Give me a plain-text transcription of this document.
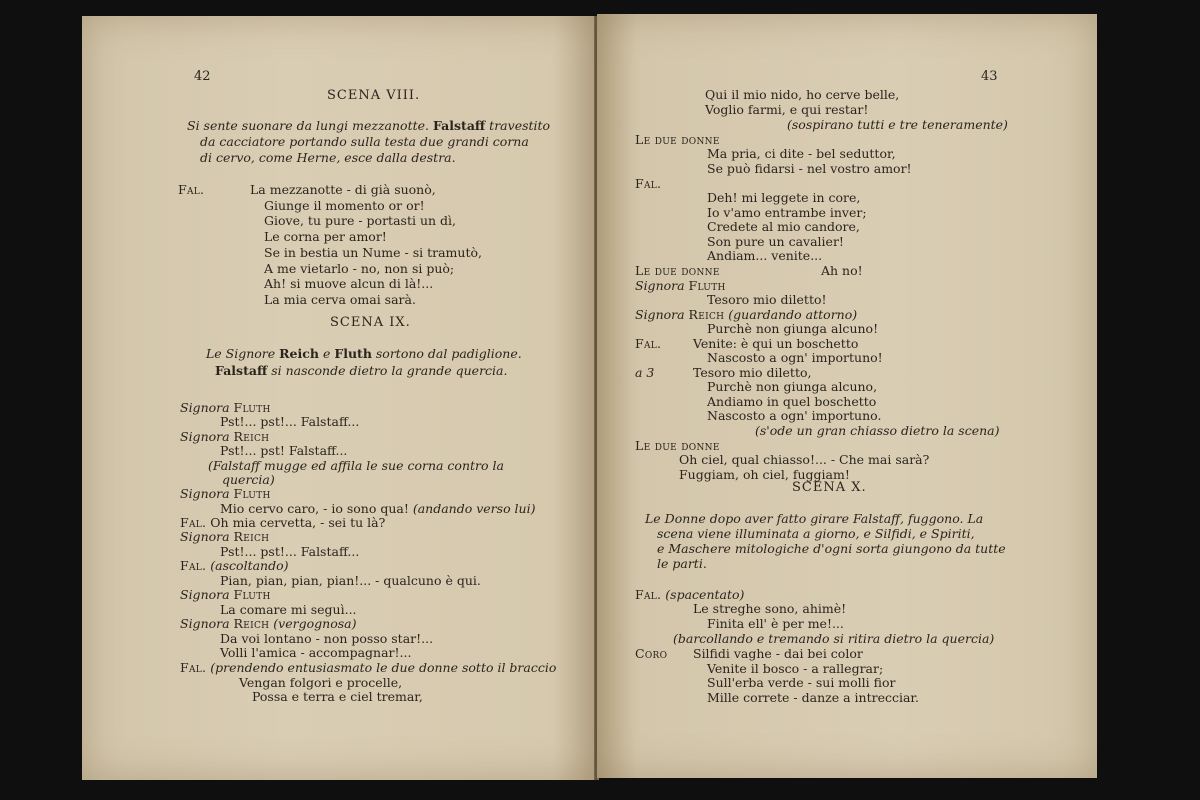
42
SCENA VIII.
Si sente suonare da lungi mezzanotte. Falstaff travestito
da cacciatore portando sulla testa due grandi corna
di cervo, come Herne, esce dalla destra.
Fal.	La mezzanotte - di già suonò,
Giunge il momento or or!
Giove, tu pure - portasti un dì,
Le corna per amor!
Se in bestia un Nume - si tramutò,
A me vietarlo - no, non si può;
Ah! si muove alcun di là!...
La mia cerva omai sarà.
SCENA IX.
Le Signore Reich e Fluth sortono dal padiglione.
Falstaff si nasconde dietro la grande quercia.
Signora Fluth
Pst!... pst!... Falstaff...
Signora Reich
Pst!... pst! Falstaff...
(Falstaff mugge ed affila le sue corna contro la
quercia)
Signora Fluth
Mio cervo caro, - io sono qua! (andando verso lui)
Fal. Oh mia cervetta, - sei tu là?
Signora Reich
Pst!... pst!... Falstaff...
Fal. (ascoltando)
Pian, pian, pian, pian!... - qualcuno è qui.
Signora Fluth
La comare mi seguì...
Signora Reich (vergognosa)
Da voi lontano - non posso star!...
Volli l'amica - accompagnar!...
Fal. (prendendo entusiasmato le due donne sotto il braccio
Vengan folgori e procelle,
Possa e terra e ciel tremar,
43
Qui il mio nido, ho cerve belle,
Voglio farmi, e qui restar!
(sospirano tutti e tre teneramente)
Le due donne
Ma pria, ci dite - bel seduttor,
Se può fidarsi - nel vostro amor!
Fal.
Deh! mi leggete in core,
Io v'amo entrambe inver;
Credete al mio candore,
Son pure un cavalier!
Andiam... venite...
Le due donne	Ah no!
Signora Fluth
Tesoro mio diletto!
Signora Reich (guardando attorno)
Purchè non giunga alcuno!
Fal.	Venite: è qui un boschetto
Nascosto a ogn' importuno!
a 3	Tesoro mio diletto,
Purchè non giunga alcuno,
Andiamo in quel boschetto
Nascosto a ogn' importuno.
(s'ode un gran chiasso dietro la scena)
Le due donne
Oh ciel, qual chiasso!... - Che mai sarà?
Fuggiam, oh ciel, fuggiam!
SCENA X.
Le Donne dopo aver fatto girare Falstaff, fuggono. La
scena viene illuminata a giorno, e Silfidi, e Spiriti,
e Maschere mitologiche d'ogni sorta giungono da tutte
le parti.
Fal. (spacentato)
Le streghe sono, ahimè!
Finita ell' è per me!...
(barcollando e tremando si ritira dietro la quercia)
Coro Silfidi vaghe - dai bei color
Venite il bosco - a rallegrar;
Sull'erba verde - sui molli fior
Mille correte - danze a intrecciar.
